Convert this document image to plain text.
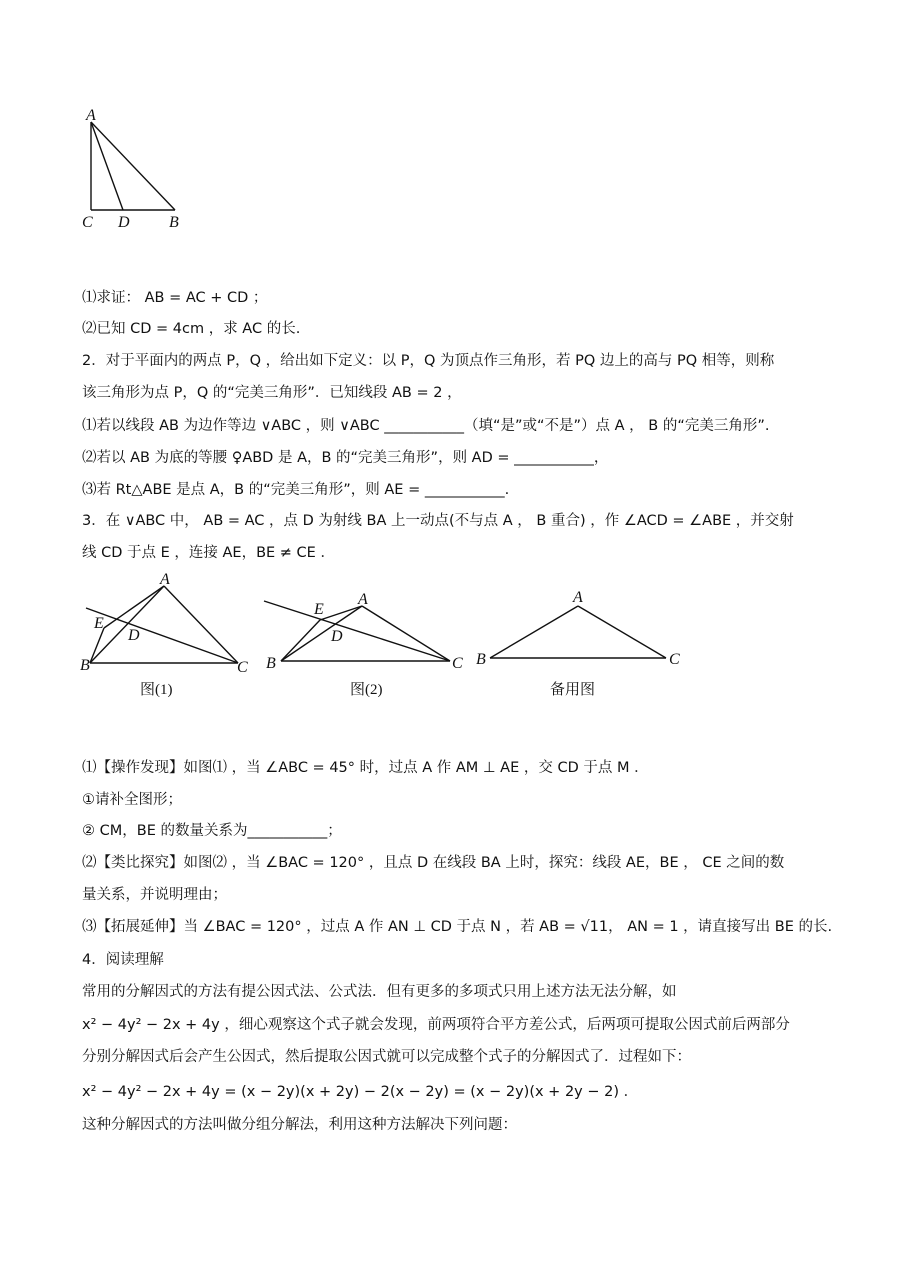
A
C D B
⑴求证： AB = AC + CD ；
⑵已知 CD = 4cm ，求 AC 的长.
2．对于平面内的两点 P，Q ，给出如下定义：以 P，Q 为顶点作三角形，若 PQ 边上的高与 PQ 相等，则称
该三角形为点 P，Q 的“完美三角形”．已知线段 AB = 2 ，
⑴若以线段 AB 为边作等边 ∨ABC ，则 ∨ABC ___________（填“是”或“不是”）点 A ， B 的“完美三角形”.
⑵若以 AB 为底的等腰 ♀ABD 是 A，B 的“完美三角形”，则 AD = ___________，
⑶若 Rt△ABE 是点 A，B 的“完美三角形”，则 AE = ___________.
3．在 ∨ABC 中， AB = AC ，点 D 为射线 BA 上一动点(不与点 A ， B 重合) ，作 ∠ACD = ∠ABE ，并交射
线 CD 于点 E ，连接 AE，BE ≠ CE ．
A
E
D
B	C
E
A
D
B	C
A
B	C
图(1)	图(2)	备用图
⑴【操作发现】如图⑴ ，当 ∠ABC = 45° 时，过点 A 作 AM ⊥ AE ，交 CD 于点 M ．
①请补全图形；
② CM，BE 的数量关系为___________；
⑵【类比探究】如图⑵ ，当 ∠BAC = 120° ，且点 D 在线段 BA 上时，探究：线段 AE，BE ， CE 之间的数
量关系，并说明理由；
⑶【拓展延伸】当 ∠BAC = 120° ，过点 A 作 AN ⊥ CD 于点 N ，若 AB = √11， AN = 1 ，请直接写出 BE 的长.
4．阅读理解
常用的分解因式的方法有提公因式法、公式法．但有更多的多项式只用上述方法无法分解，如
x² − 4y² − 2x + 4y ，细心观察这个式子就会发现，前两项符合平方差公式，后两项可提取公因式前后两部分
分别分解因式后会产生公因式，然后提取公因式就可以完成整个式子的分解因式了．过程如下：
x² − 4y² − 2x + 4y = (x − 2y)(x + 2y) − 2(x − 2y) = (x − 2y)(x + 2y − 2) ．
这种分解因式的方法叫做分组分解法，利用这种方法解决下列问题：
